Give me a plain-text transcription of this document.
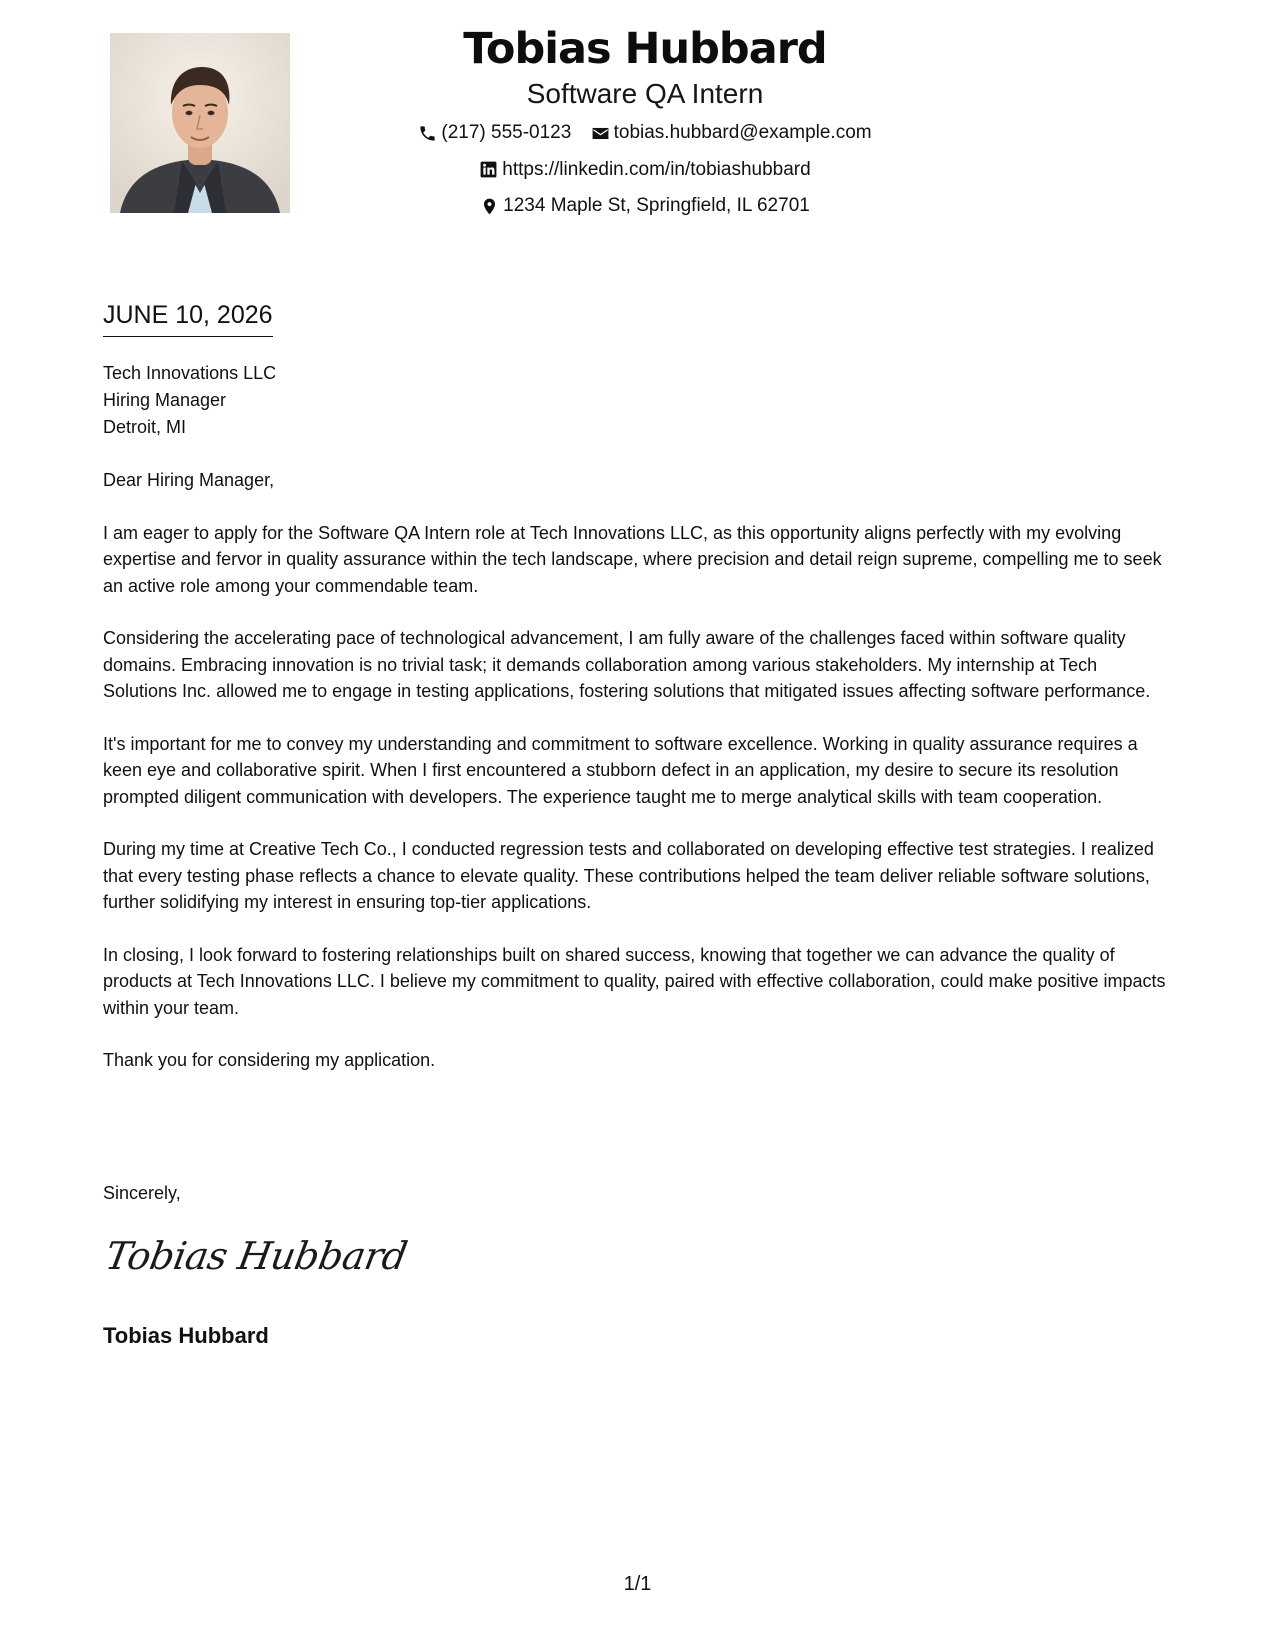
Tobias Hubbard
Software QA Intern
(217) 555-0123
tobias.hubbard@example.com
https://linkedin.com/in/tobiashubbard
1234 Maple St, Springfield, IL 62701
JUNE 10, 2026
Tech Innovations LLC
Hiring Manager
Detroit, MI

Dear Hiring Manager,

I am eager to apply for the Software QA Intern role at Tech Innovations LLC, as this opportunity aligns perfectly with my evolving expertise and fervor in quality assurance within the tech landscape, where precision and detail reign supreme, compelling me to seek an active role among your commendable team.

Considering the accelerating pace of technological advancement, I am fully aware of the challenges faced within software quality domains. Embracing innovation is no trivial task; it demands collaboration among various stakeholders. My internship at Tech Solutions Inc. allowed me to engage in testing applications, fostering solutions that mitigated issues affecting software performance.

It's important for me to convey my understanding and commitment to software excellence. Working in quality assurance requires a keen eye and collaborative spirit. When I first encountered a stubborn defect in an application, my desire to secure its resolution prompted diligent communication with developers. The experience taught me to merge analytical skills with team cooperation.

During my time at Creative Tech Co., I conducted regression tests and collaborated on developing effective test strategies. I realized that every testing phase reflects a chance to elevate quality. These contributions helped the team deliver reliable software solutions, further solidifying my interest in ensuring top-tier applications.

In closing, I look forward to fostering relationships built on shared success, knowing that together we can advance the quality of products at Tech Innovations LLC. I believe my commitment to quality, paired with effective collaboration, could make positive impacts within your team.

Thank you for considering my application.

Sincerely,
Tobias Hubbard
Tobias Hubbard
1/1
